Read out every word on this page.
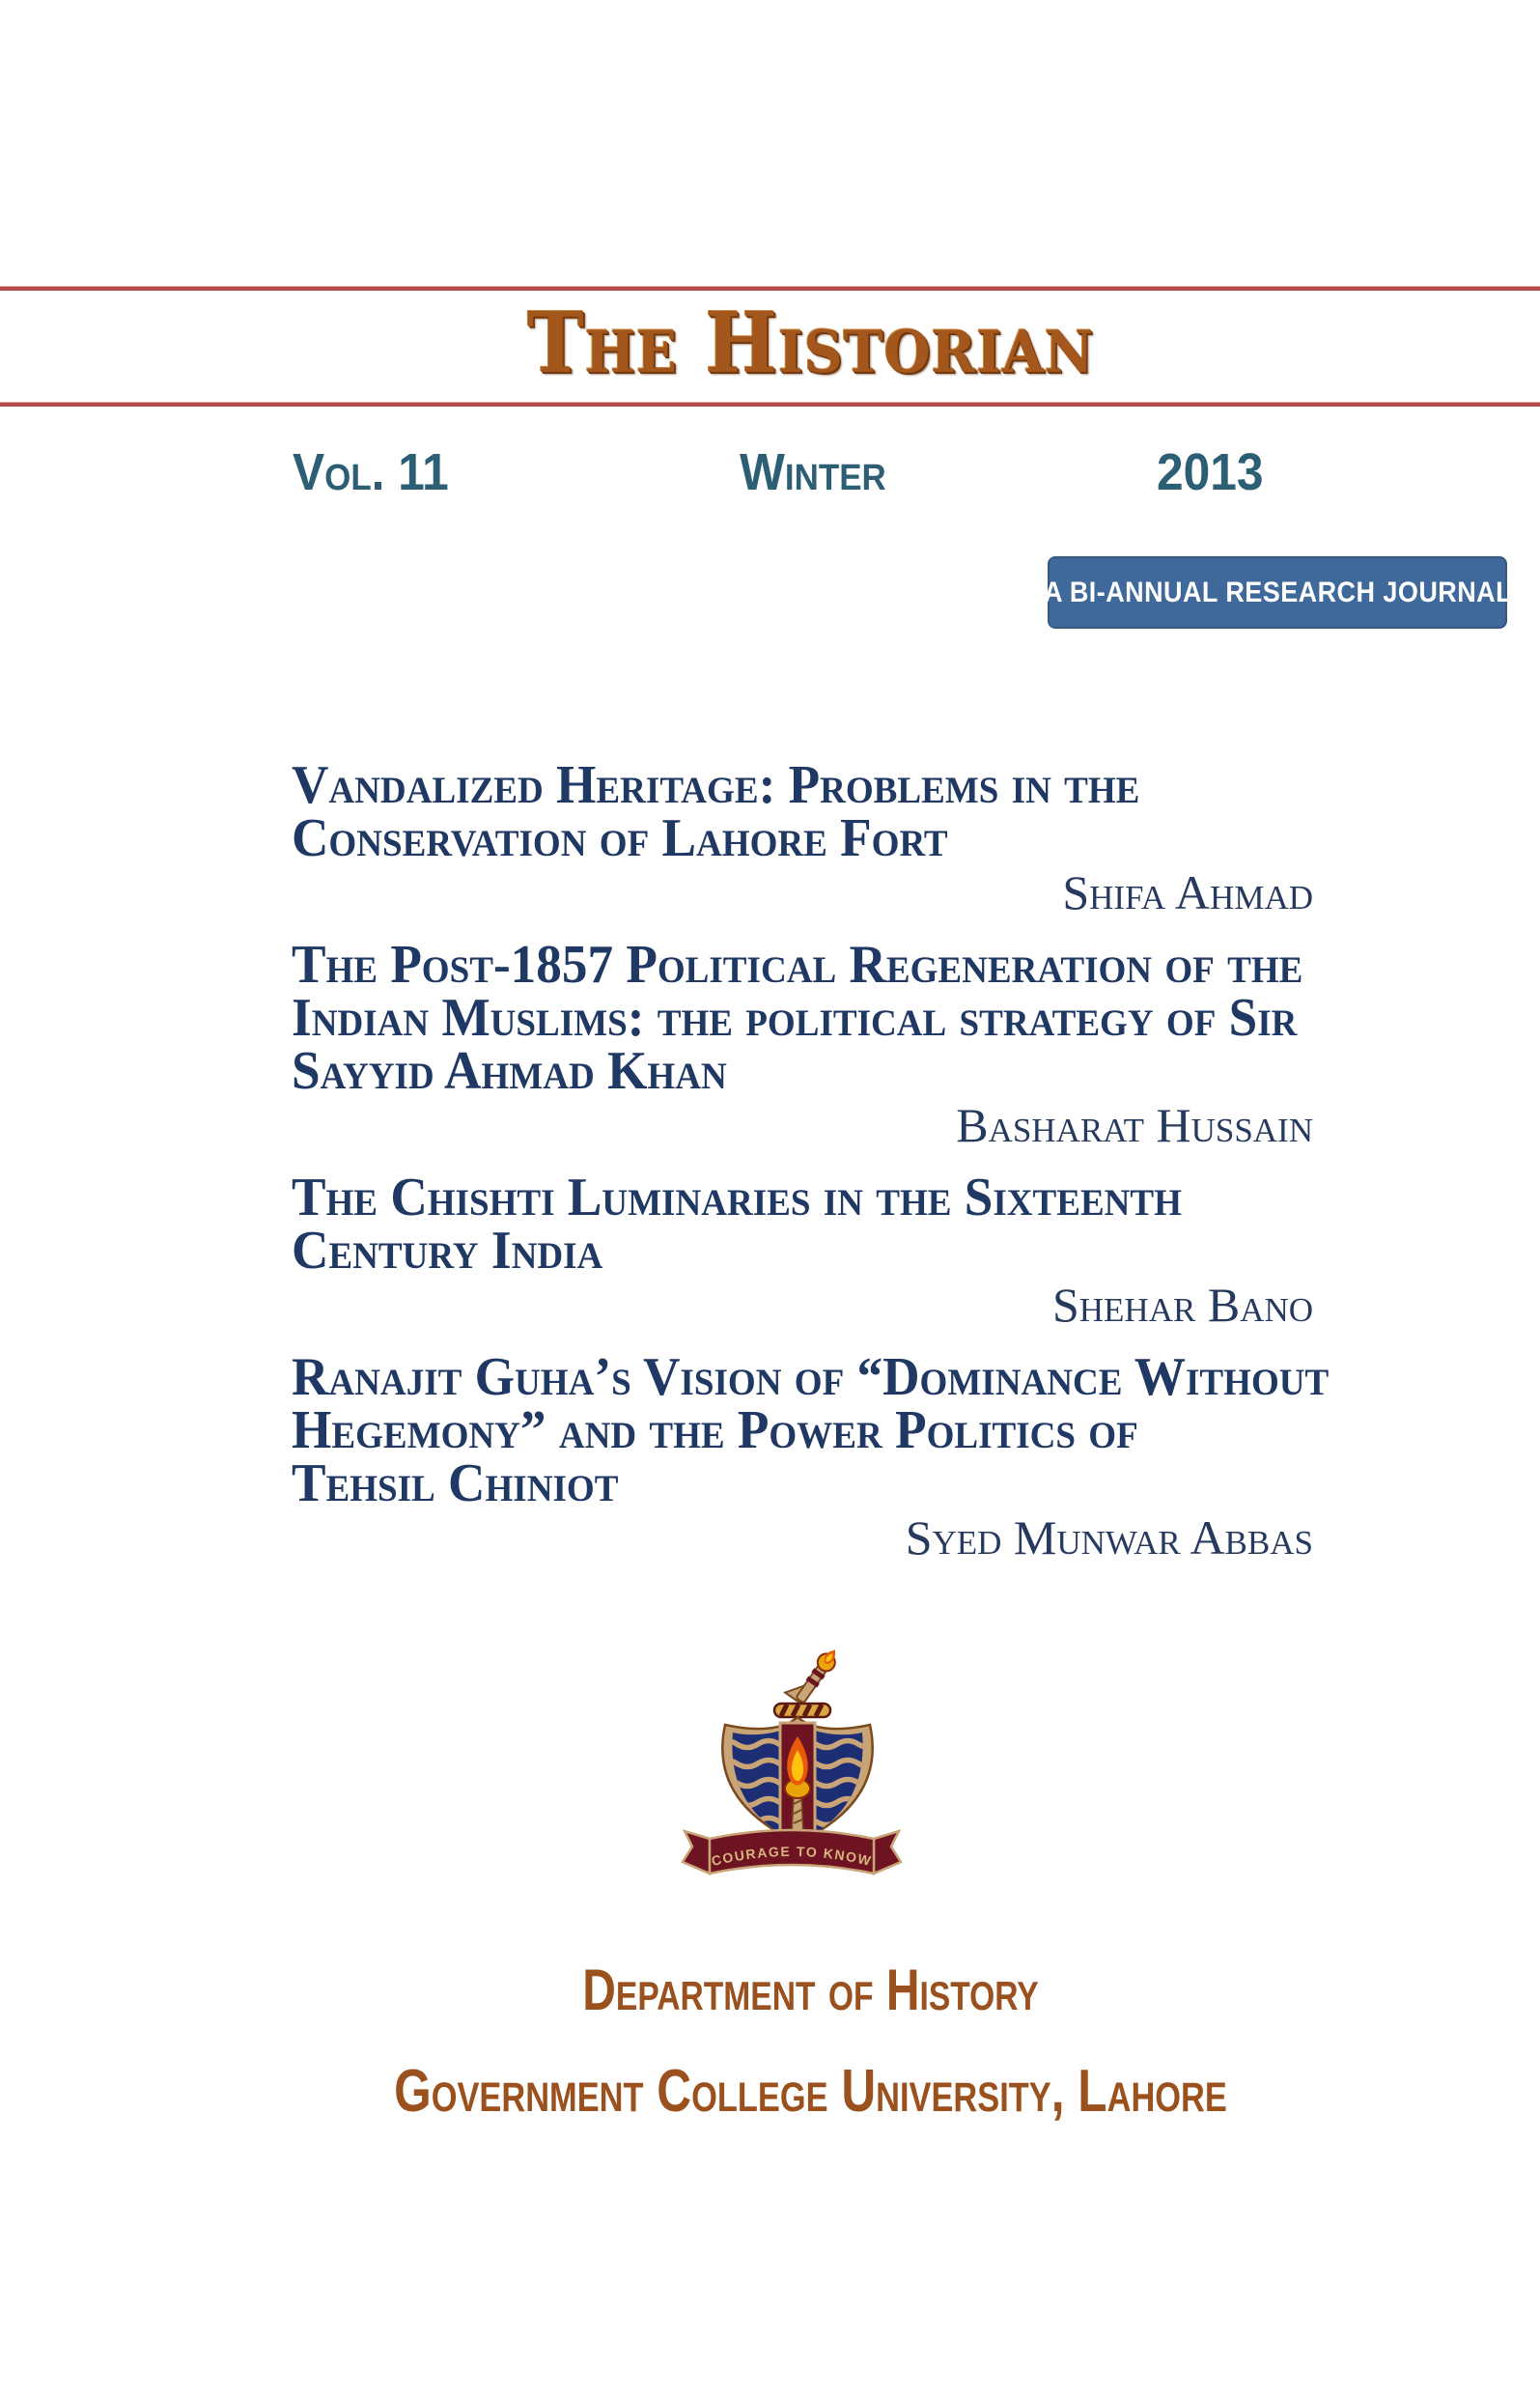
The Historian
Vol. 11	Winter	2013
A BI-ANNUAL RESEARCH JOURNAL
Vandalized Heritage: Problems in the
Conservation of Lahore Fort
Shifa Ahmad
The Post-1857 Political Regeneration of the
Indian Muslims: the political strategy of Sir
Sayyid Ahmad Khan
Basharat Hussain
The Chishti Luminaries in the Sixteenth
Century India
Shehar Bano
Ranajit Guha’s Vision of “Dominance Without
Hegemony” and the Power Politics of
Tehsil Chiniot
Syed Munwar Abbas
COURAGE TO KNOW
Department of History
Government College University, Lahore
